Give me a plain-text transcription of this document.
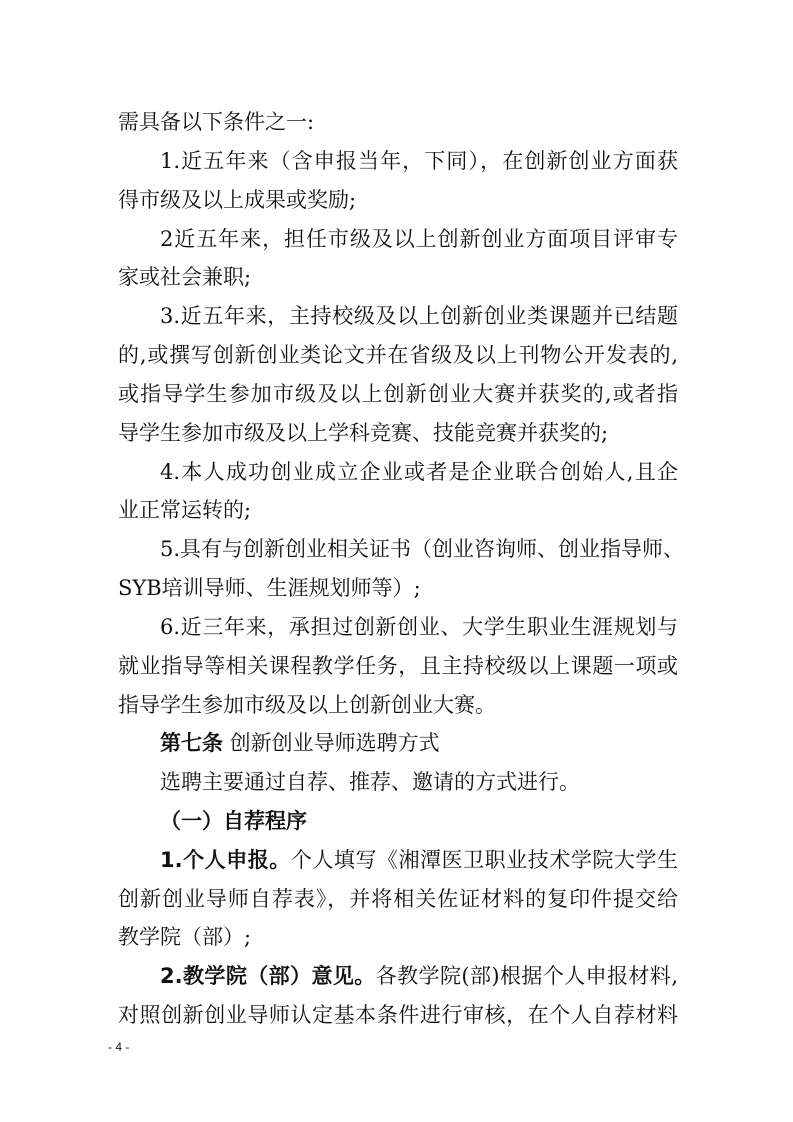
需具备以下条件之一:
1.近五年来（含申报当年，下同），在创新创业方面获
得市级及以上成果或奖励;
2近五年来，担任市级及以上创新创业方面项目评审专
家或社会兼职;
3.近五年来，主持校级及以上创新创业类课题并已结题
的,或撰写创新创业类论文并在省级及以上刊物公开发表的,
或指导学生参加市级及以上创新创业大赛并获奖的,或者指
导学生参加市级及以上学科竞赛、技能竞赛并获奖的;
4.本人成功创业成立企业或者是企业联合创始人,且企
业正常运转的;
5.具有与创新创业相关证书（创业咨询师、创业指导师、
SYB培训导师、生涯规划师等）;
6.近三年来，承担过创新创业、大学生职业生涯规划与
就业指导等相关课程教学任务，且主持校级以上课题一项或
指导学生参加市级及以上创新创业大赛。
第七条 创新创业导师选聘方式
选聘主要通过自荐、推荐、邀请的方式进行。
（一）自荐程序
1.个人申报。个人填写《湘潭医卫职业技术学院大学生
创新创业导师自荐表》，并将相关佐证材料的复印件提交给
教学院（部）;
2.教学院（部）意见。各教学院(部)根据个人申报材料,
对照创新创业导师认定基本条件进行审核，在个人自荐材料
- 4 -
